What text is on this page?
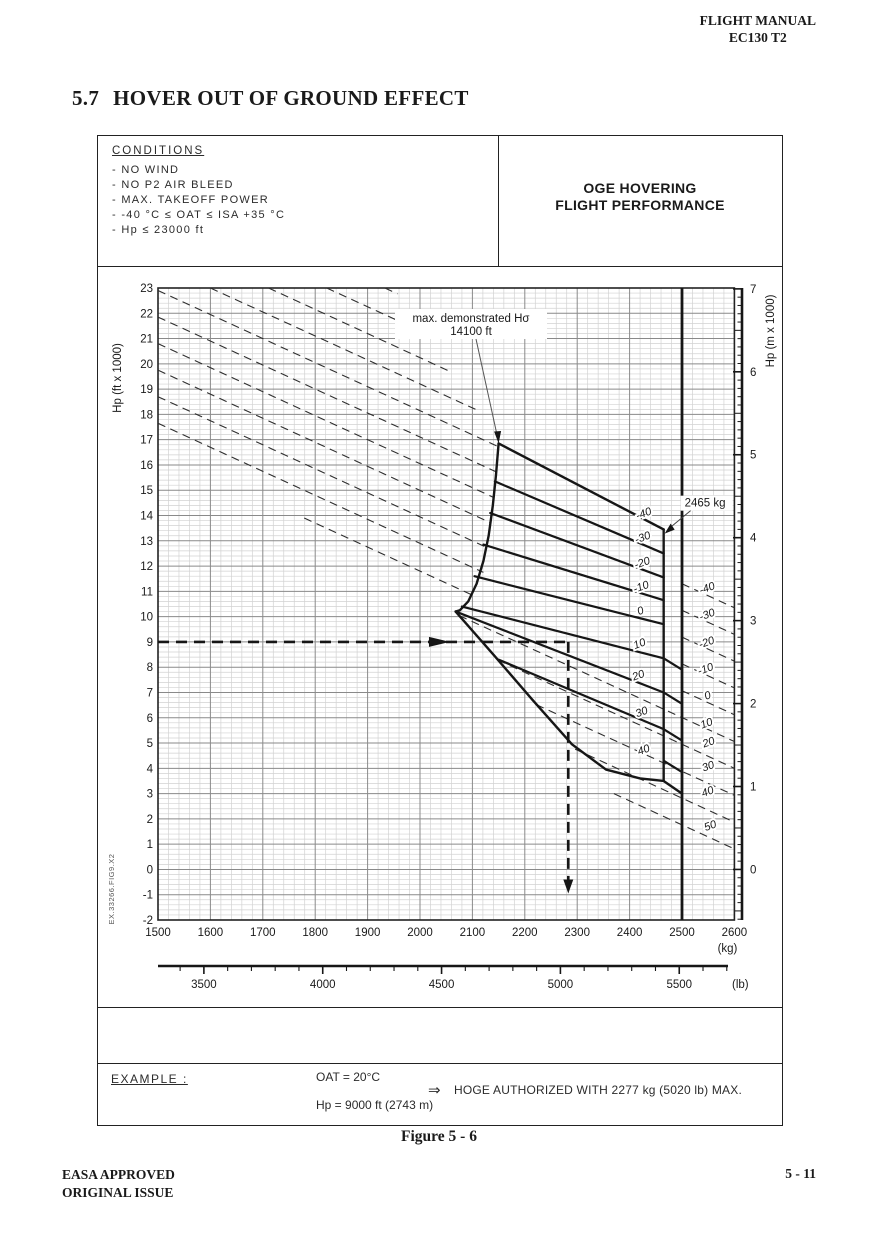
FLIGHT MANUAL
EC130 T2
5.7 HOVER OUT OF GROUND EFFECT
CONDITIONS
- NO WIND
- NO P2 AIR BLEED
- MAX. TAKEOFF POWER
- -40 °C ≤ OAT ≤ ISA +35 °C
- Hp ≤ 23000 ft
OGE HOVERING
FLIGHT PERFORMANCE
-40
-30
-20
-10
0
10
20
30
-40
-30
-20
-10
0
10
20
30
40
50
40
max. demonstrated Hσ
14100 ft
2465 kg
-2
-1
0
1
2
3
4
5
6
7
8
9
10
11
12
13
14
15
16
17
18
19
20
21
22
23
Hp (ft x 1000)
1500 1600 1700 1800 1900 2000 2100 2200 2300 2400 2500 2600
(kg)
3500	4000	4500	5000	5500	(lb)
0
1
2
3
4
5
6
7
Hp (m x 1000)
EX.33266.FIG9.X2
EXAMPLE :	OAT = 20°C
Hp = 9000 ft (2743 m)
⇒ HOGE AUTHORIZED WITH 2277 kg (5020 lb) MAX.
Figure 5 - 6
EASA APPROVED
ORIGINAL ISSUE
5 - 11
